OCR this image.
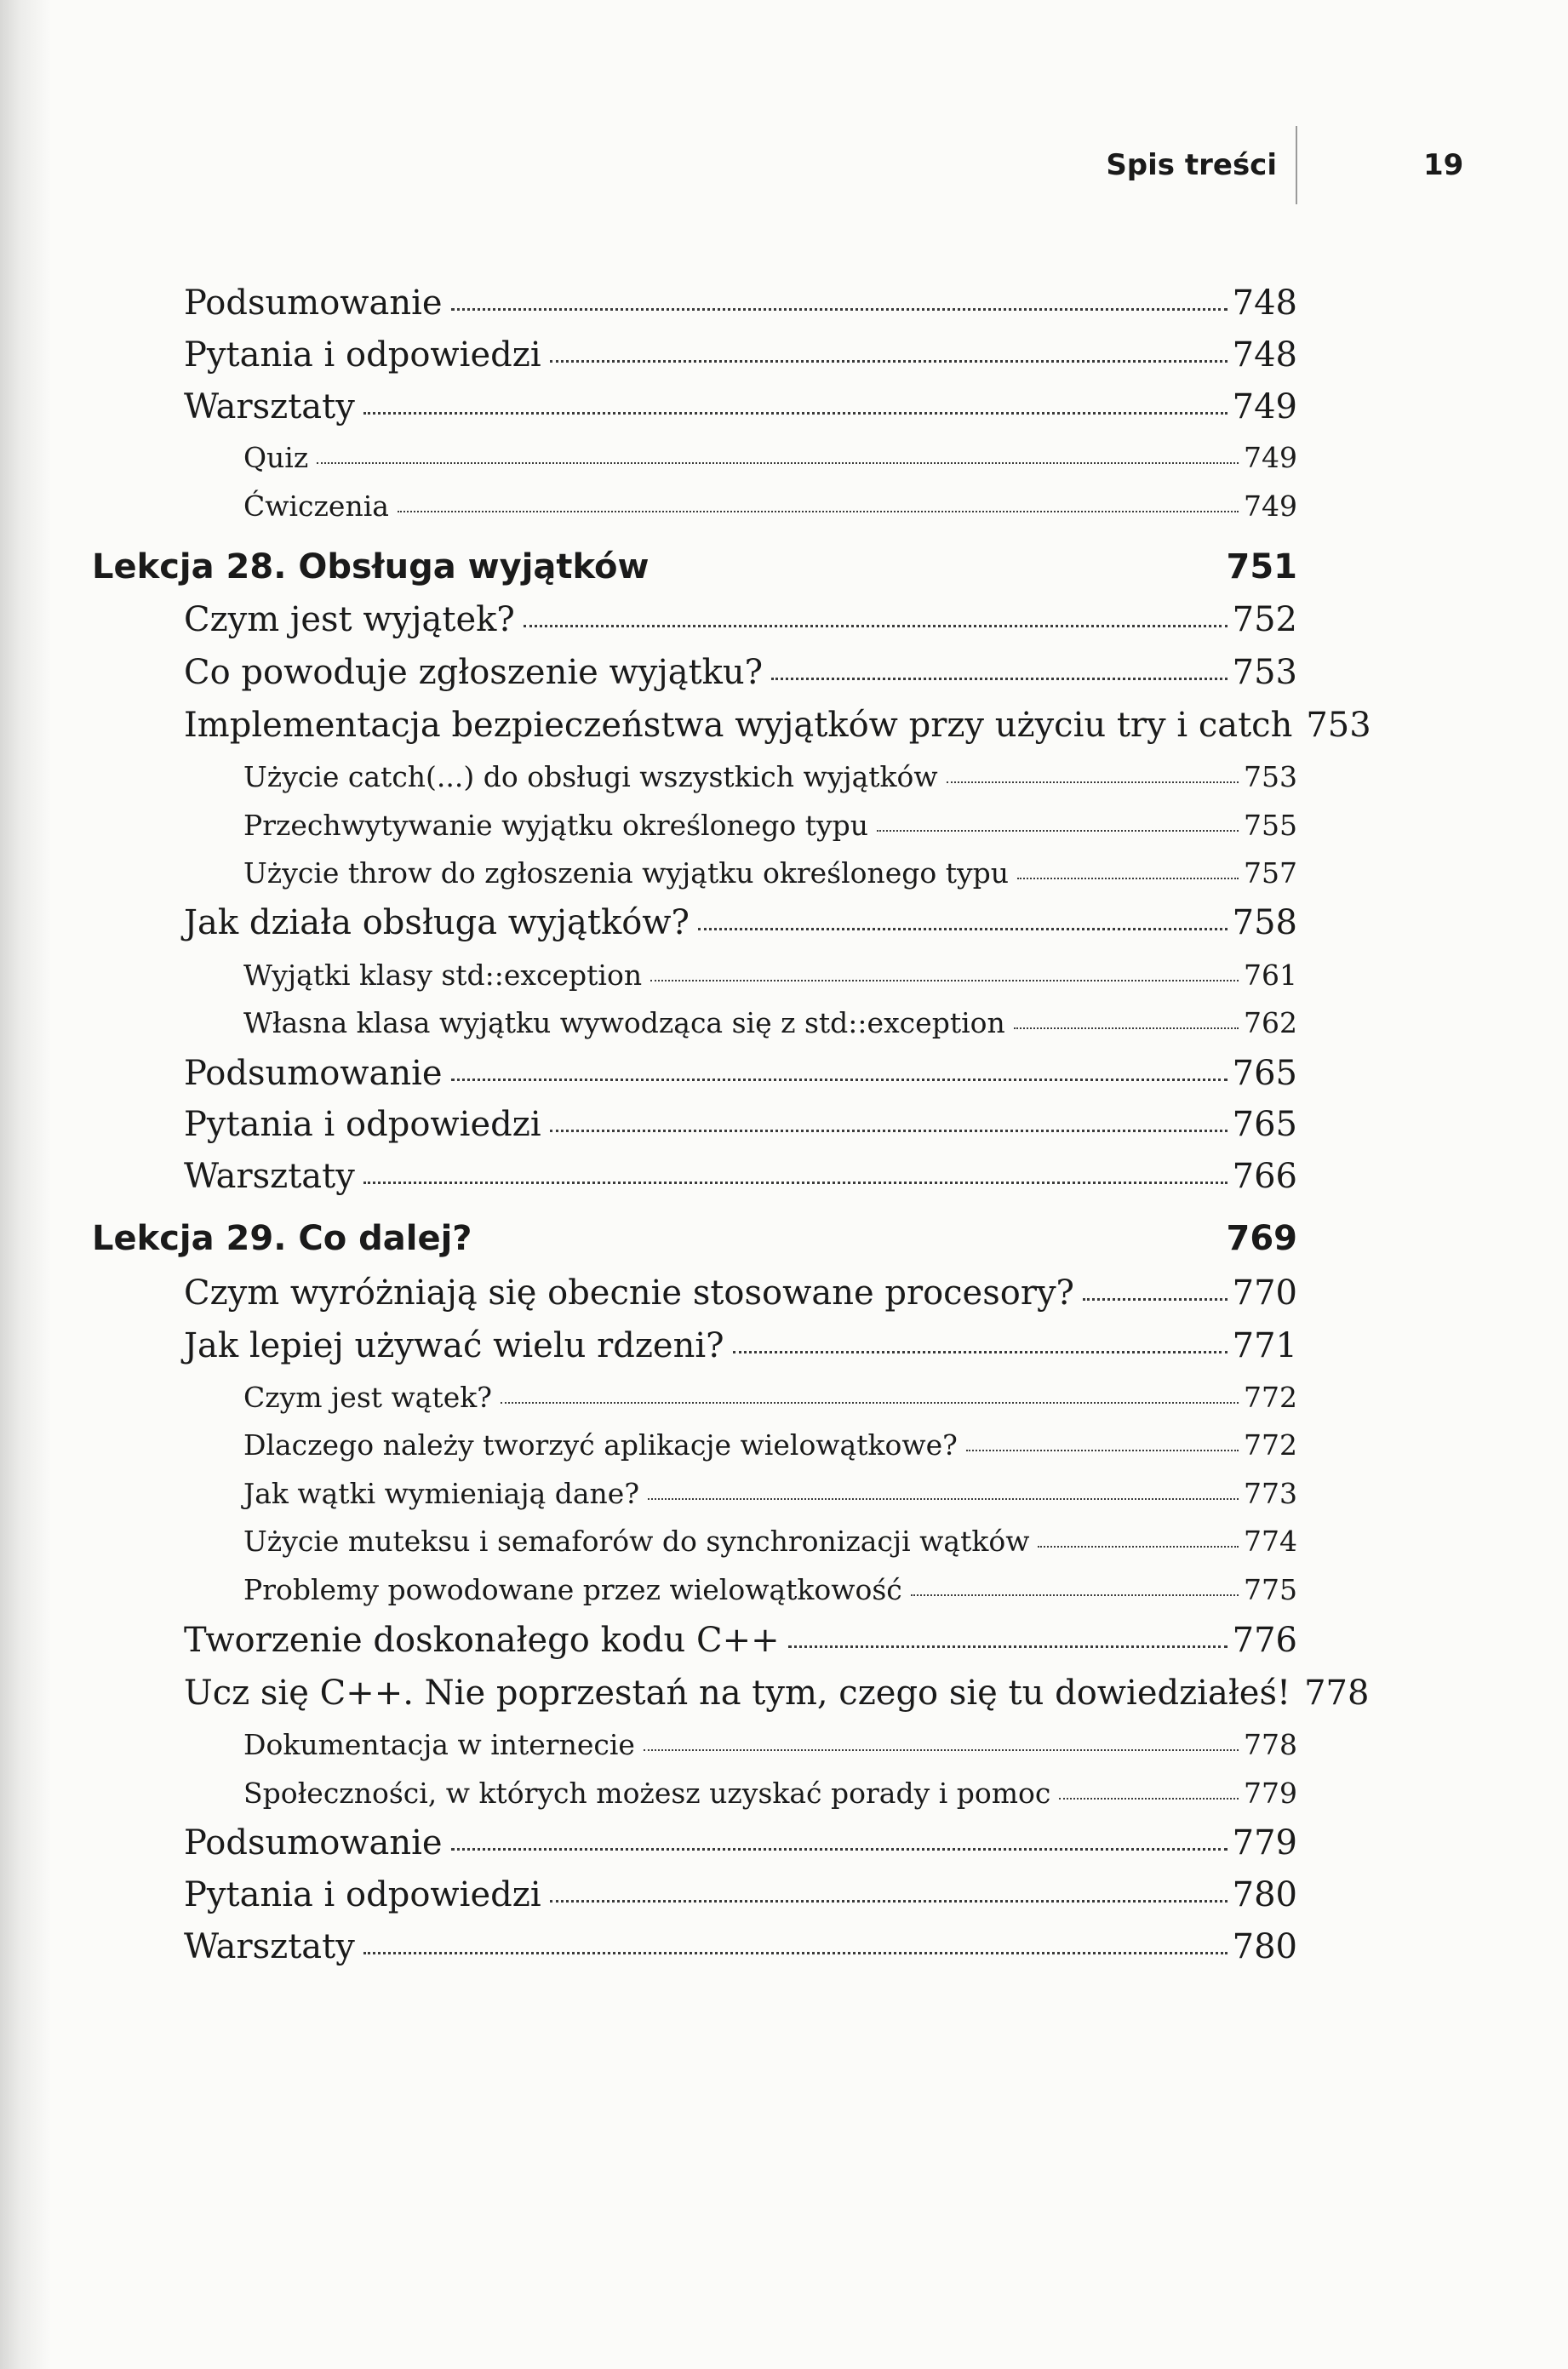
Spis treści	19
Podsumowanie	748
Pytania i odpowiedzi	748
Warsztaty	749
Quiz	749
Ćwiczenia	749
Lekcja 28. Obsługa wyjątków	751
Czym jest wyjątek?	752
Co powoduje zgłoszenie wyjątku?	753
Implementacja bezpieczeństwa wyjątków przy użyciu try i catch 753
Użycie catch(...) do obsługi wszystkich wyjątków	753
Przechwytywanie wyjątku określonego typu	755
Użycie throw do zgłoszenia wyjątku określonego typu	757
Jak działa obsługa wyjątków?	758
Wyjątki klasy std::exception	761
Własna klasa wyjątku wywodząca się z std::exception	762
Podsumowanie	765
Pytania i odpowiedzi	765
Warsztaty	766
Lekcja 29. Co dalej?	769
Czym wyróżniają się obecnie stosowane procesory?	770
Jak lepiej używać wielu rdzeni?	771
Czym jest wątek?	772
Dlaczego należy tworzyć aplikacje wielowątkowe?	772
Jak wątki wymieniają dane?	773
Użycie muteksu i semaforów do synchronizacji wątków	774
Problemy powodowane przez wielowątkowość	775
Tworzenie doskonałego kodu C++	776
Ucz się C++. Nie poprzestań na tym, czego się tu dowiedziałeś! 778
Dokumentacja w internecie	778
Społeczności, w których możesz uzyskać porady i pomoc	779
Podsumowanie	779
Pytania i odpowiedzi	780
Warsztaty	780
